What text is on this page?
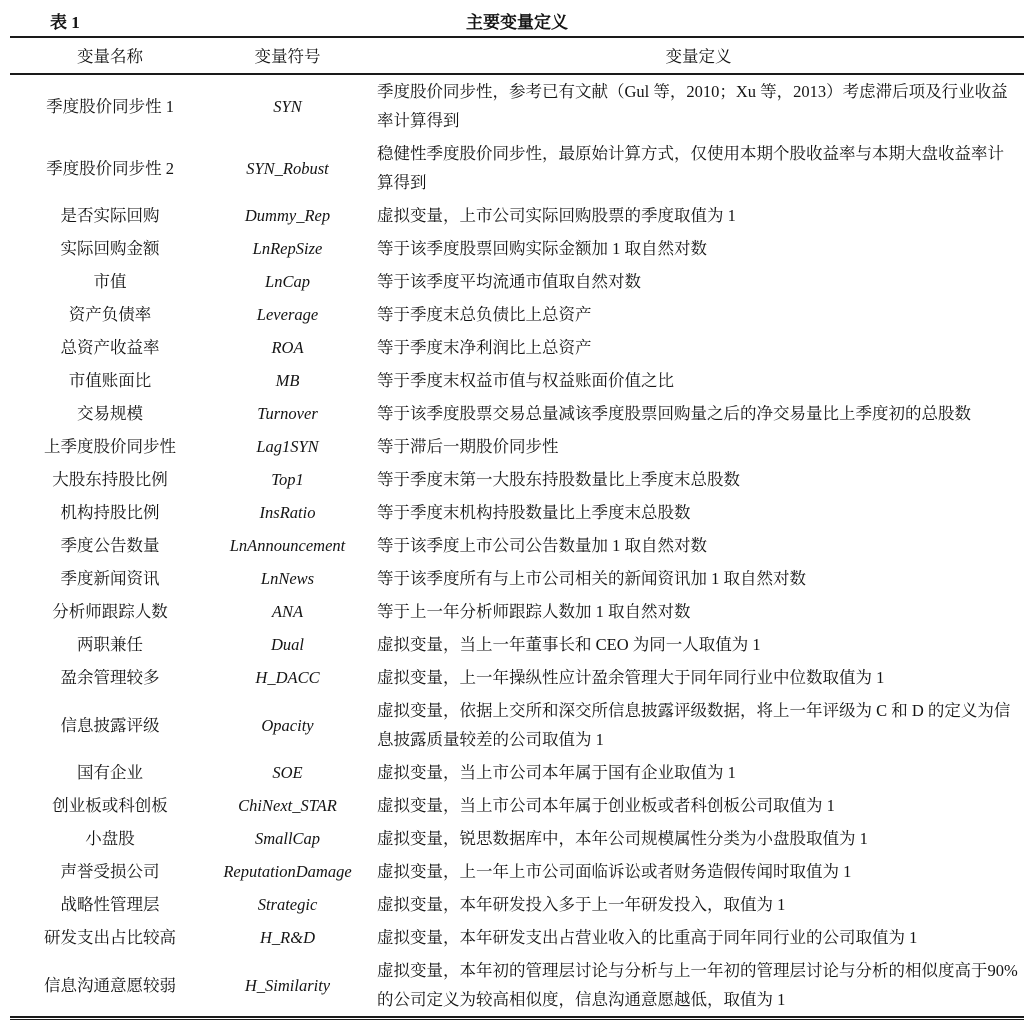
表 1	主要变量定义
变量名称	变量符号	变量定义
季度股价同步性 1	SYN	季度股价同步性，参考已有文献（Gul 等，2010；Xu 等，2013）考虑滞后项及行业收益率计算得到
季度股价同步性 2	SYN_Robust	稳健性季度股价同步性，最原始计算方式，仅使用本期个股收益率与本期大盘收益率计算得到
是否实际回购	Dummy_Rep	虚拟变量，上市公司实际回购股票的季度取值为 1
实际回购金额	LnRepSize	等于该季度股票回购实际金额加 1 取自然对数
市值	LnCap	等于该季度平均流通市值取自然对数
资产负债率	Leverage	等于季度末总负债比上总资产
总资产收益率	ROA	等于季度末净利润比上总资产
市值账面比	MB	等于季度末权益市值与权益账面价值之比
交易规模	Turnover	等于该季度股票交易总量减该季度股票回购量之后的净交易量比上季度初的总股数
上季度股价同步性	Lag1SYN	等于滞后一期股价同步性
大股东持股比例	Top1	等于季度末第一大股东持股数量比上季度末总股数
机构持股比例	InsRatio	等于季度末机构持股数量比上季度末总股数
季度公告数量	LnAnnouncement	等于该季度上市公司公告数量加 1 取自然对数
季度新闻资讯	LnNews	等于该季度所有与上市公司相关的新闻资讯加 1 取自然对数
分析师跟踪人数	ANA	等于上一年分析师跟踪人数加 1 取自然对数
两职兼任	Dual	虚拟变量，当上一年董事长和 CEO 为同一人取值为 1
盈余管理较多	H_DACC	虚拟变量，上一年操纵性应计盈余管理大于同年同行业中位数取值为 1
信息披露评级	Opacity	虚拟变量，依据上交所和深交所信息披露评级数据，将上一年评级为 C 和 D 的定义为信息披露质量较差的公司取值为 1
国有企业	SOE	虚拟变量，当上市公司本年属于国有企业取值为 1
创业板或科创板	ChiNext_STAR	虚拟变量，当上市公司本年属于创业板或者科创板公司取值为 1
小盘股	SmallCap	虚拟变量，锐思数据库中，本年公司规模属性分类为小盘股取值为 1
声誉受损公司	ReputationDamage	虚拟变量，上一年上市公司面临诉讼或者财务造假传闻时取值为 1
战略性管理层	Strategic	虚拟变量，本年研发投入多于上一年研发投入，取值为 1
研发支出占比较高	H_R&D	虚拟变量，本年研发支出占营业收入的比重高于同年同行业的公司取值为 1
信息沟通意愿较弱	H_Similarity	虚拟变量，本年初的管理层讨论与分析与上一年初的管理层讨论与分析的相似度高于90%的公司定义为较高相似度，信息沟通意愿越低，取值为 1
